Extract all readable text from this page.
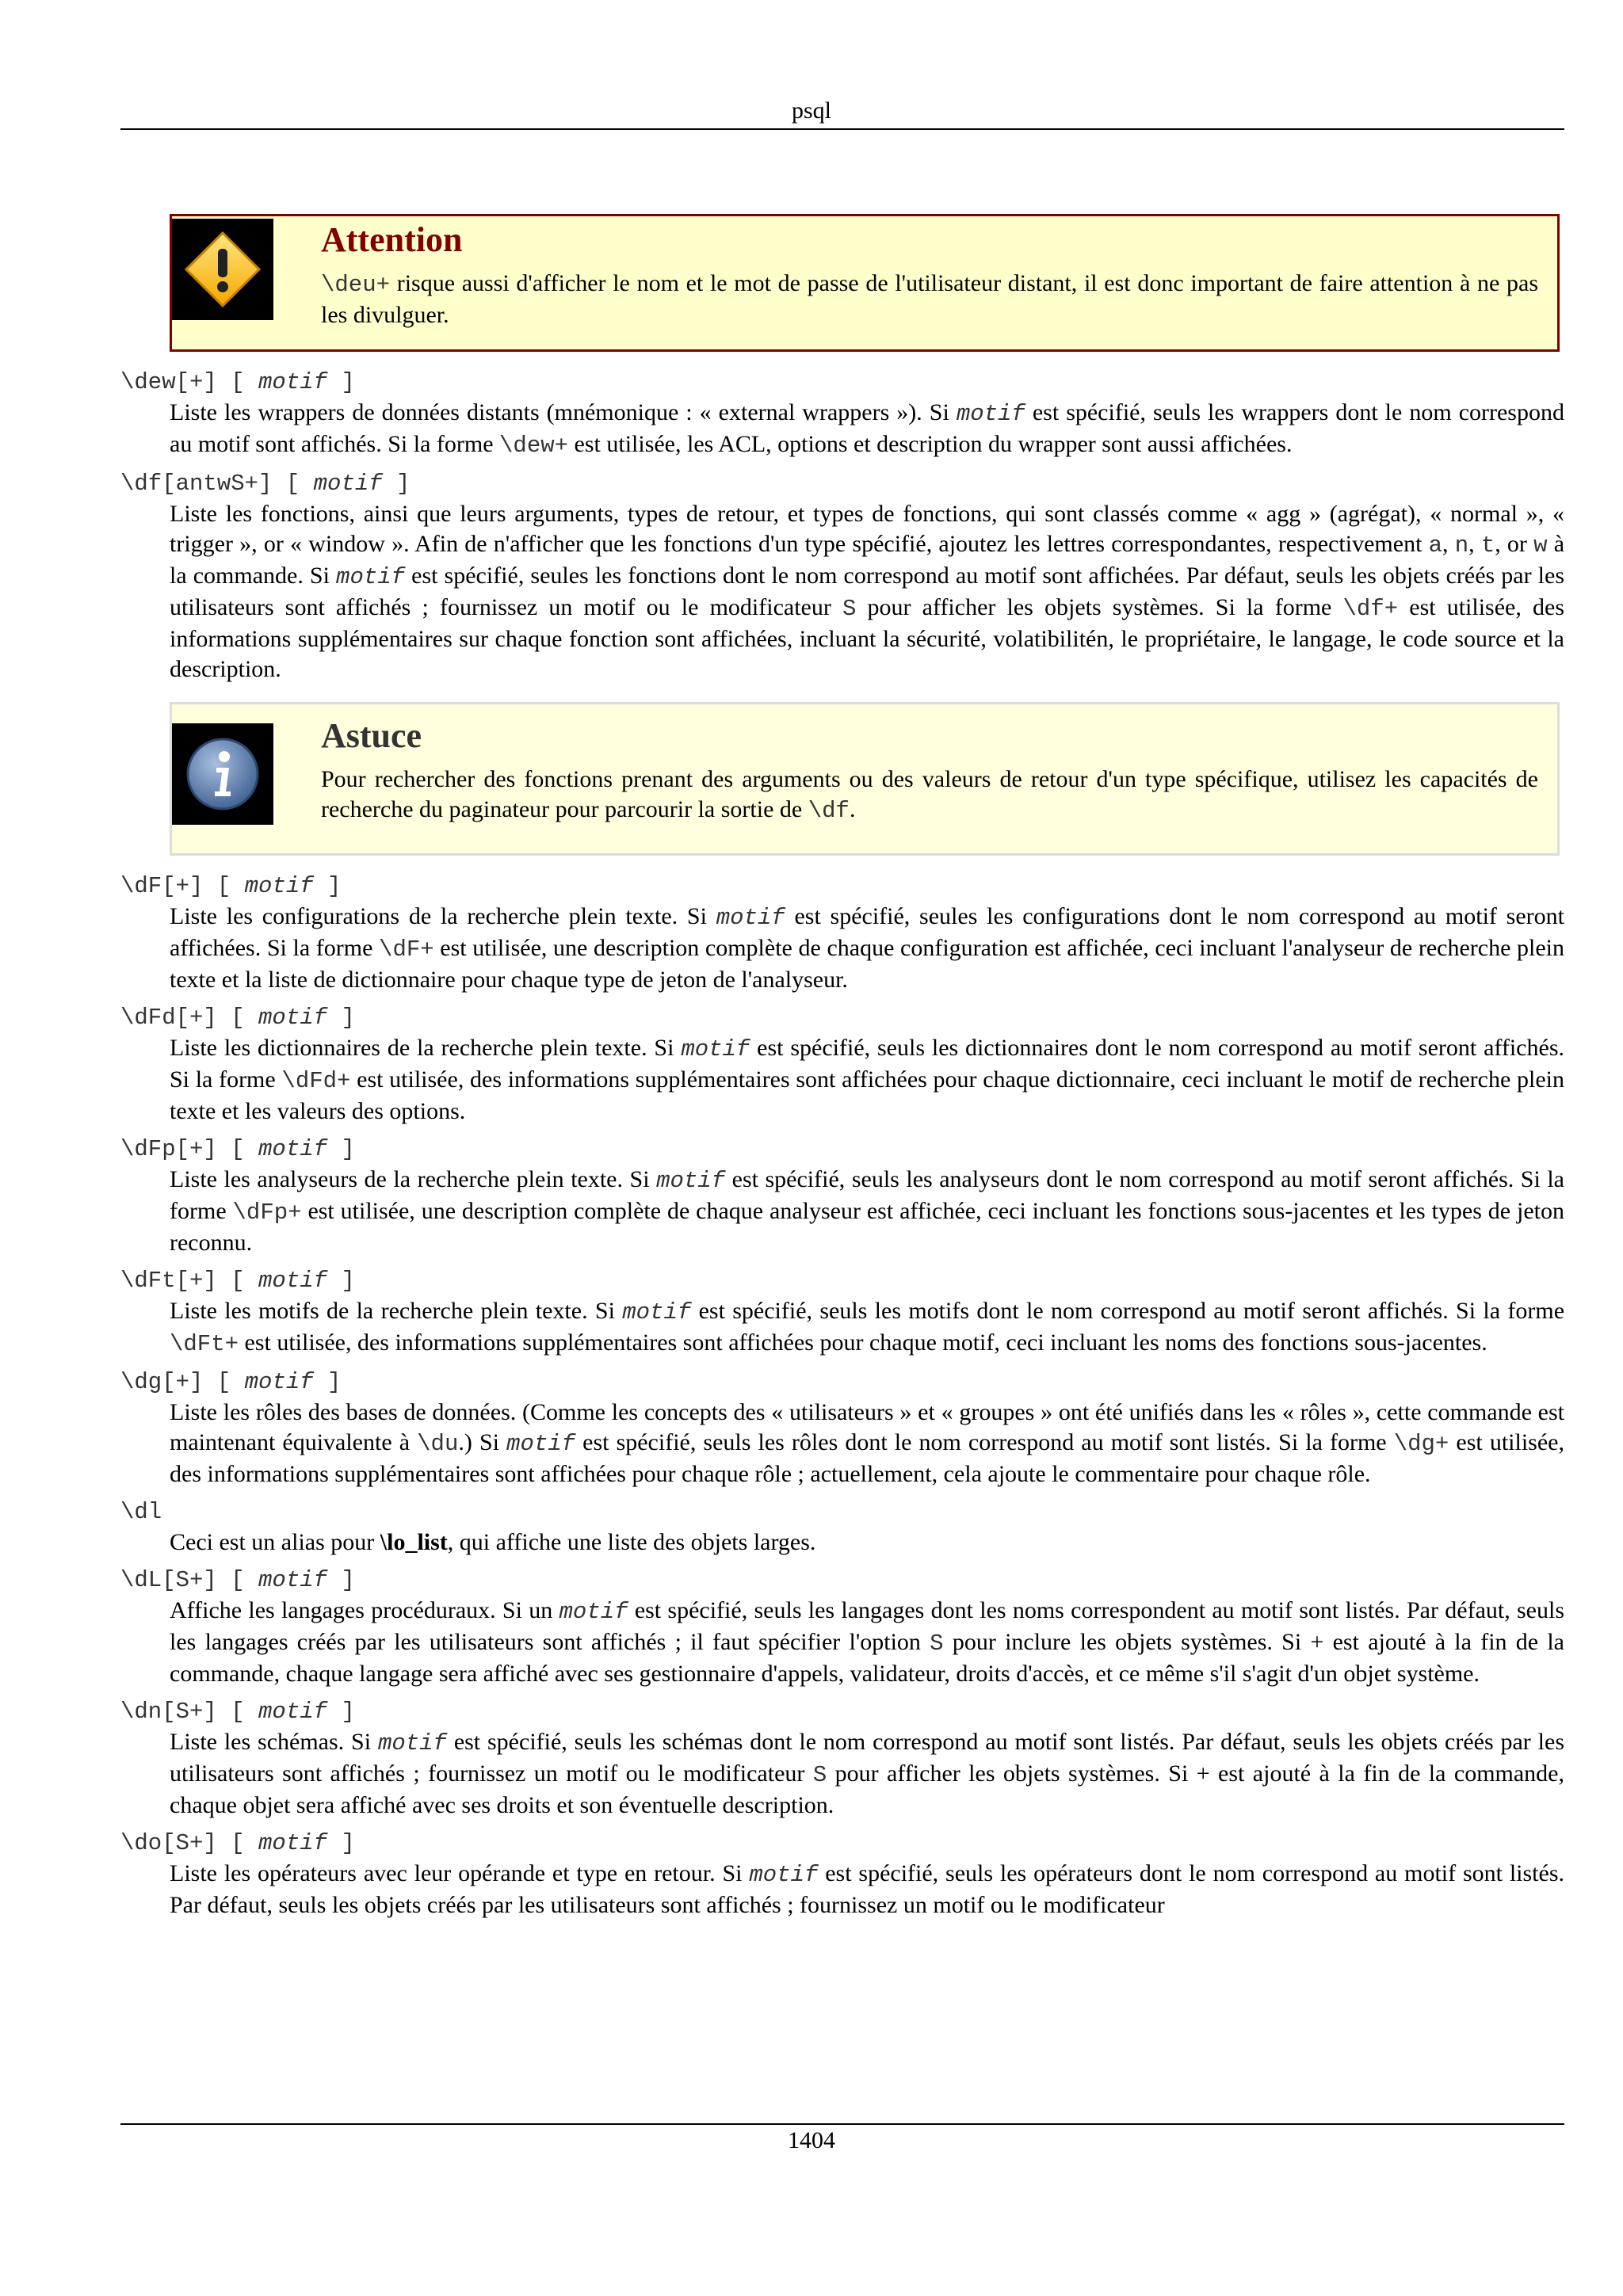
psql
Attention
\deu+ risque aussi d'afficher le nom et le mot de passe de l'utilisateur distant, il est donc important de faire attention à ne pas les divulguer.
\dew[+] [ motif ]
Liste les wrappers de données distants (mnémonique : « external wrappers »). Si motif est spécifié, seuls les wrappers dont le nom correspond au motif sont affichés. Si la forme \dew+ est utilisée, les ACL, options et description du wrapper sont aussi affichées.
\df[antwS+] [ motif ]
Liste les fonctions, ainsi que leurs arguments, types de retour, et types de fonctions, qui sont classés comme « agg » (agrégat), « normal », « trigger », or « window ». Afin de n'afficher que les fonctions d'un type spécifié, ajoutez les lettres correspondantes, respectivement a, n, t, or w à la commande. Si motif est spécifié, seules les fonctions dont le nom correspond au motif sont affichées. Par défaut, seuls les objets créés par les utilisateurs sont affichés ; fournissez un motif ou le modificateur S pour afficher les objets systèmes. Si la forme \df+ est utilisée, des informations supplémentaires sur chaque fonction sont affichées, incluant la sécurité, volatibilitén, le propriétaire, le langage, le code source et la description.
Astuce
Pour rechercher des fonctions prenant des arguments ou des valeurs de retour d'un type spécifique, utilisez les capacités de recherche du paginateur pour parcourir la sortie de \df.
\dF[+] [ motif ]
Liste les configurations de la recherche plein texte. Si motif est spécifié, seules les configurations dont le nom correspond au motif seront affichées. Si la forme \dF+ est utilisée, une description complète de chaque configuration est affichée, ceci incluant l'analyseur de recherche plein texte et la liste de dictionnaire pour chaque type de jeton de l'analyseur.
\dFd[+] [ motif ]
Liste les dictionnaires de la recherche plein texte. Si motif est spécifié, seuls les dictionnaires dont le nom correspond au motif seront affichés. Si la forme \dFd+ est utilisée, des informations supplémentaires sont affichées pour chaque dictionnaire, ceci incluant le motif de recherche plein texte et les valeurs des options.
\dFp[+] [ motif ]
Liste les analyseurs de la recherche plein texte. Si motif est spécifié, seuls les analyseurs dont le nom correspond au motif seront affichés. Si la forme \dFp+ est utilisée, une description complète de chaque analyseur est affichée, ceci incluant les fonctions sous-jacentes et les types de jeton reconnu.
\dFt[+] [ motif ]
Liste les motifs de la recherche plein texte. Si motif est spécifié, seuls les motifs dont le nom correspond au motif seront affichés. Si la forme \dFt+ est utilisée, des informations supplémentaires sont affichées pour chaque motif, ceci incluant les noms des fonctions sous-jacentes.
\dg[+] [ motif ]
Liste les rôles des bases de données. (Comme les concepts des « utilisateurs » et « groupes » ont été unifiés dans les « rôles », cette commande est maintenant équivalente à \du.) Si motif est spécifié, seuls les rôles dont le nom correspond au motif sont listés. Si la forme \dg+ est utilisée, des informations supplémentaires sont affichées pour chaque rôle ; actuellement, cela ajoute le commentaire pour chaque rôle.
\dl
Ceci est un alias pour \lo_list, qui affiche une liste des objets larges.
\dL[S+] [ motif ]
Affiche les langages procéduraux. Si un motif est spécifié, seuls les langages dont les noms correspondent au motif sont listés. Par défaut, seuls les langages créés par les utilisateurs sont affichés ; il faut spécifier l'option S pour inclure les objets systèmes. Si + est ajouté à la fin de la commande, chaque langage sera affiché avec ses gestionnaire d'appels, validateur, droits d'accès, et ce même s'il s'agit d'un objet système.
\dn[S+] [ motif ]
Liste les schémas. Si motif est spécifié, seuls les schémas dont le nom correspond au motif sont listés. Par défaut, seuls les objets créés par les utilisateurs sont affichés ; fournissez un motif ou le modificateur S pour afficher les objets systèmes. Si + est ajouté à la fin de la commande, chaque objet sera affiché avec ses droits et son éventuelle description.
\do[S+] [ motif ]
Liste les opérateurs avec leur opérande et type en retour. Si motif est spécifié, seuls les opérateurs dont le nom correspond au motif sont listés. Par défaut, seuls les objets créés par les utilisateurs sont affichés ; fournissez un motif ou le modificateur
1404
